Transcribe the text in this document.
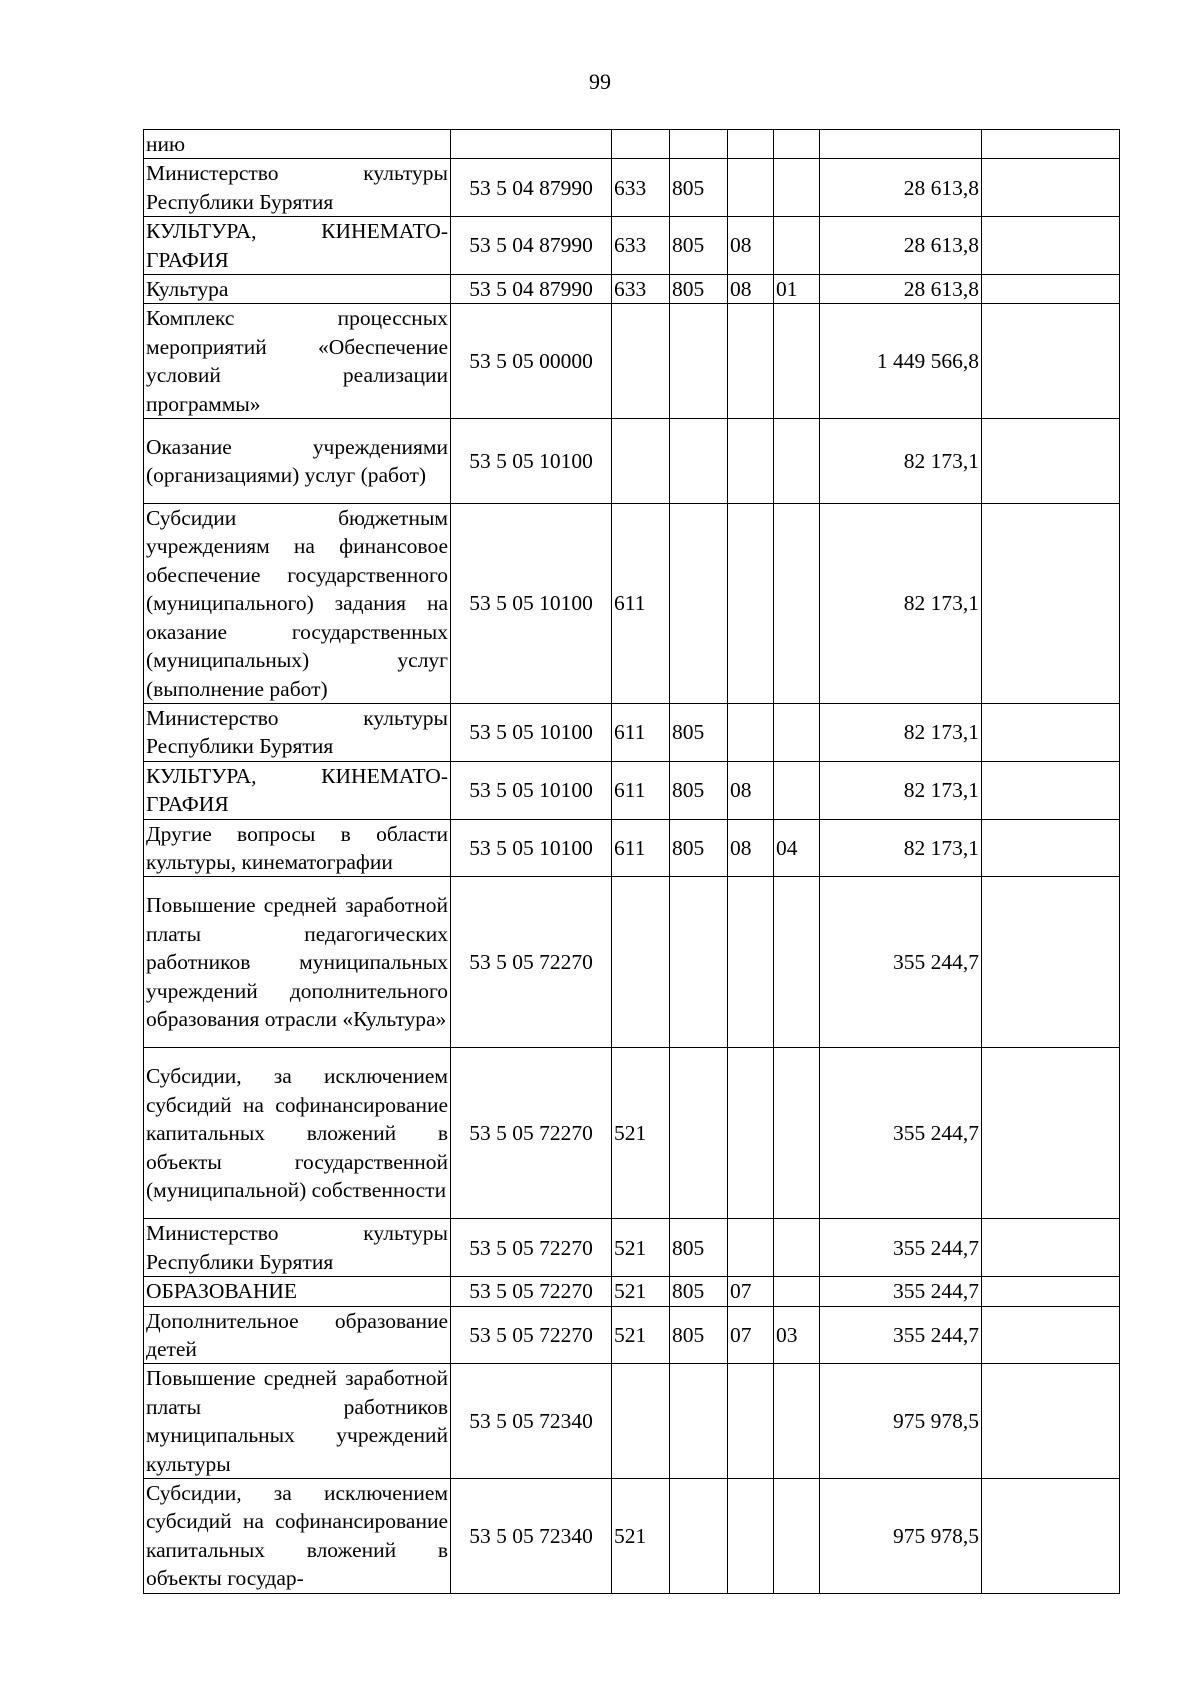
99
нию							
Министерство культуры Республики Бурятия	53 5 04 87990	633	805			28 613,8	
КУЛЬТУРА, КИНЕМАТО-ГРАФИЯ	53 5 04 87990	633	805	08		28 613,8	
Культура	53 5 04 87990	633	805	08	01	28 613,8	
Комплекс процессных мероприятий «Обеспечение условий реализации программы»	53 5 05 00000					1 449 566,8	
Оказание учреждениями (организациями) услуг (работ)	53 5 05 10100					82 173,1	
Субсидии бюджетным учреждениям на финансовое обеспечение государственного (муниципального) задания на оказание государственных (муниципальных) услуг (выполнение работ)	53 5 05 10100	611				82 173,1	
Министерство культуры Республики Бурятия	53 5 05 10100	611	805			82 173,1	
КУЛЬТУРА, КИНЕМАТО-ГРАФИЯ	53 5 05 10100	611	805	08		82 173,1	
Другие вопросы в области культуры, кинематографии	53 5 05 10100	611	805	08	04	82 173,1	
Повышение средней заработной платы педагогических работников муниципальных учреждений дополнительного образования отрасли «Культура»	53 5 05 72270					355 244,7	
Субсидии, за исключением субсидий на софинансирование капитальных вложений в объекты государственной (муниципальной) собственности	53 5 05 72270	521				355 244,7	
Министерство культуры Республики Бурятия	53 5 05 72270	521	805			355 244,7	
ОБРАЗОВАНИЕ	53 5 05 72270	521	805	07		355 244,7	
Дополнительное образование детей	53 5 05 72270	521	805	07	03	355 244,7	
Повышение средней заработной платы работников муниципальных учреждений культуры	53 5 05 72340					975 978,5	
Субсидии, за исключением субсидий на софинансирование капитальных вложений в объекты государ-	53 5 05 72340	521				975 978,5	
